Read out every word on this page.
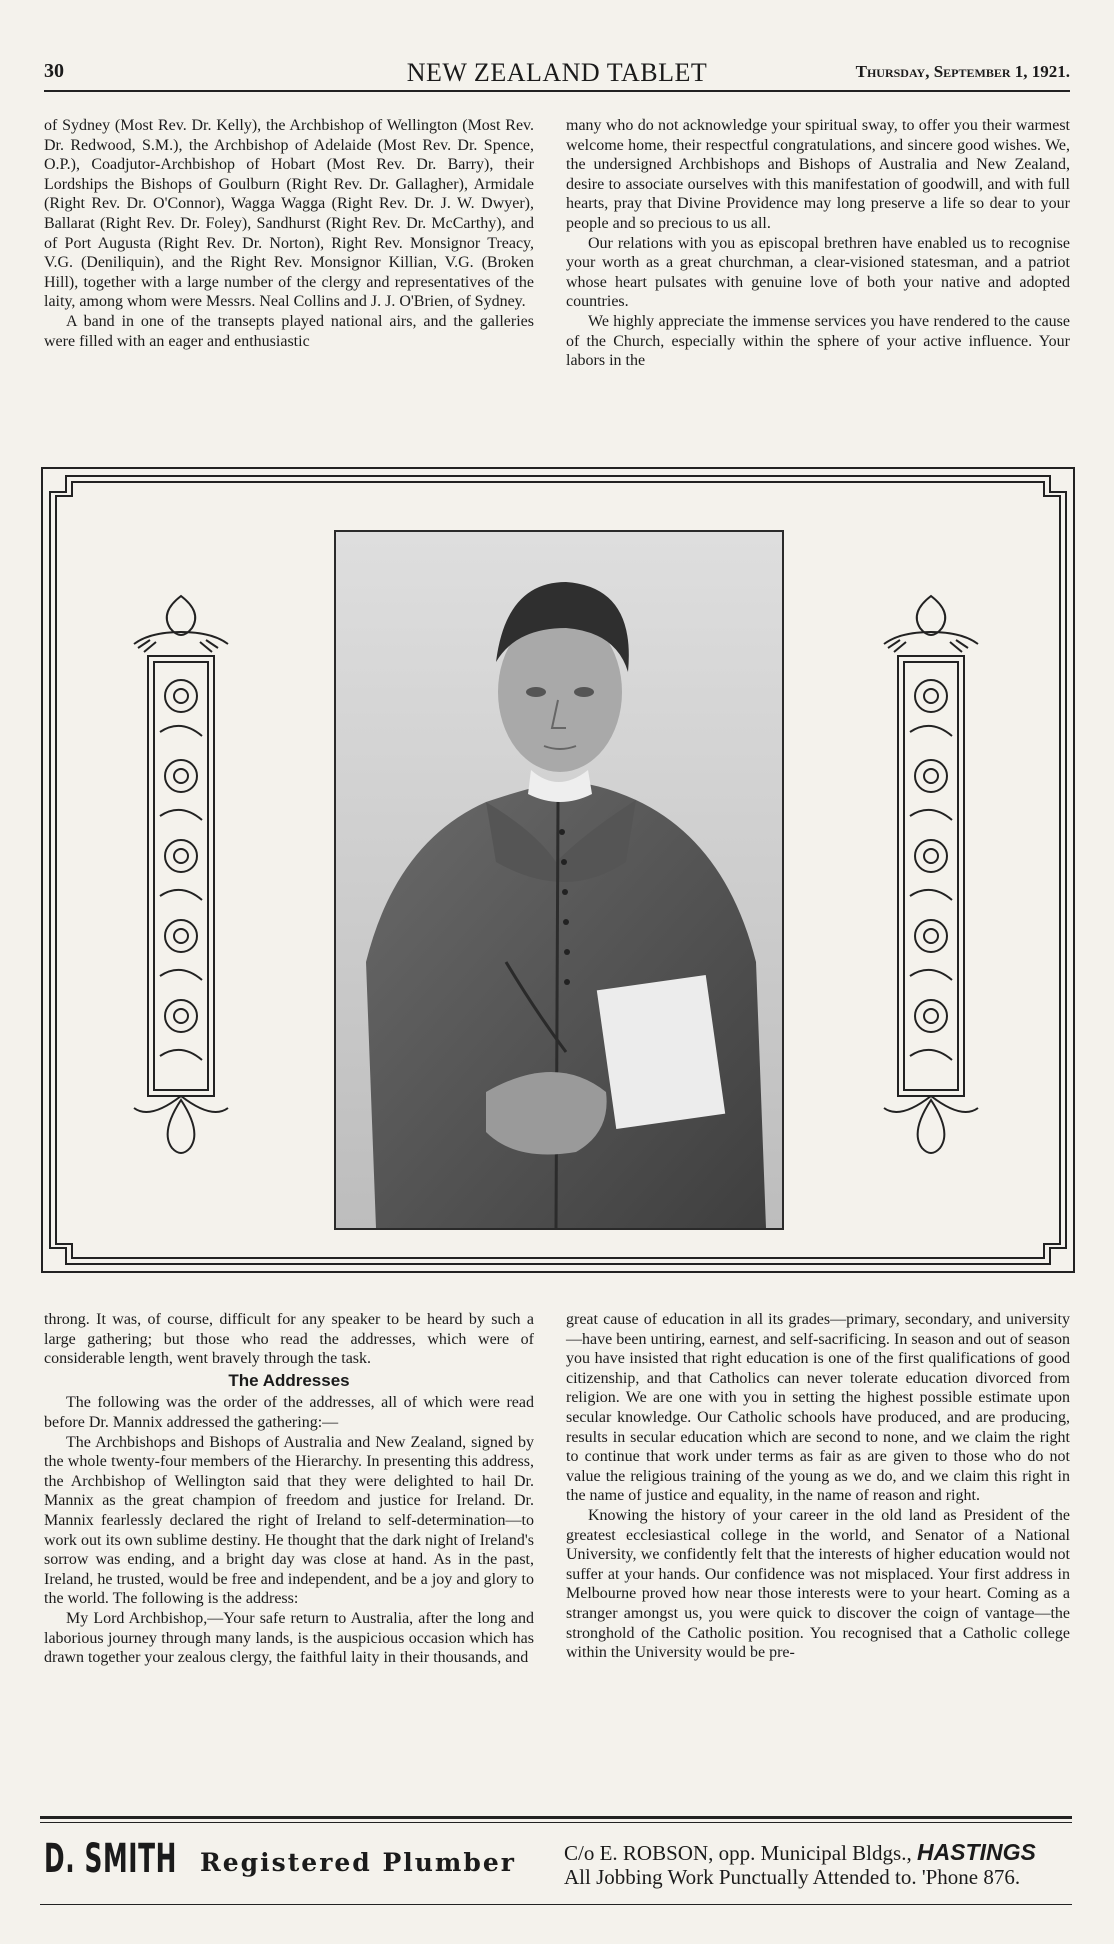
30	NEW ZEALAND TABLET	Thursday, September 1, 1921.

of Sydney (Most Rev. Dr. Kelly), the Archbishop of Wellington (Most Rev. Dr. Redwood, S.M.), the Archbishop of Adelaide (Most Rev. Dr. Spence, O.P.), Coadjutor-Archbishop of Hobart (Most Rev. Dr. Barry), their Lordships the Bishops of Goulburn (Right Rev. Dr. Gallagher), Armidale (Right Rev. Dr. O'Connor), Wagga Wagga (Right Rev. Dr. J. W. Dwyer), Ballarat (Right Rev. Dr. Foley), Sandhurst (Right Rev. Dr. McCarthy), and of Port Augusta (Right Rev. Dr. Norton), Right Rev. Monsignor Treacy, V.G. (Deniliquin), and the Right Rev. Monsignor Killian, V.G. (Broken Hill), together with a large number of the clergy and representatives of the laity, among whom were Messrs. Neal Collins and J. J. O'Brien, of Sydney.

A band in one of the transepts played national airs, and the galleries were filled with an eager and enthusiastic

many who do not acknowledge your spiritual sway, to offer you their warmest welcome home, their respectful congratulations, and sincere good wishes. We, the undersigned Archbishops and Bishops of Australia and New Zealand, desire to associate ourselves with this manifestation of goodwill, and with full hearts, pray that Divine Providence may long preserve a life so dear to your people and so precious to us all.

Our relations with you as episcopal brethren have enabled us to recognise your worth as a great churchman, a clear-visioned statesman, and a patriot whose heart pulsates with genuine love of both your native and adopted countries.

We highly appreciate the immense services you have rendered to the cause of the Church, especially within the sphere of your active influence. Your labors in the

throng. It was, of course, difficult for any speaker to be heard by such a large gathering; but those who read the addresses, which were of considerable length, went bravely through the task.

The Addresses

The following was the order of the addresses, all of which were read before Dr. Mannix addressed the gathering:—

The Archbishops and Bishops of Australia and New Zealand, signed by the whole twenty-four members of the Hierarchy. In presenting this address, the Archbishop of Wellington said that they were delighted to hail Dr. Mannix as the great champion of freedom and justice for Ireland. Dr. Mannix fearlessly declared the right of Ireland to self-determination—to work out its own sublime destiny. He thought that the dark night of Ireland's sorrow was ending, and a bright day was close at hand. As in the past, Ireland, he trusted, would be free and independent, and be a joy and glory to the world. The following is the address:

My Lord Archbishop,—Your safe return to Australia, after the long and laborious journey through many lands, is the auspicious occasion which has drawn together your zealous clergy, the faithful laity in their thousands, and

great cause of education in all its grades—primary, secondary, and university—have been untiring, earnest, and self-sacrificing. In season and out of season you have insisted that right education is one of the first qualifications of good citizenship, and that Catholics can never tolerate education divorced from religion. We are one with you in setting the highest possible estimate upon secular knowledge. Our Catholic schools have produced, and are producing, results in secular education which are second to none, and we claim the right to continue that work under terms as fair as are given to those who do not value the religious training of the young as we do, and we claim this right in the name of justice and equality, in the name of reason and right.

Knowing the history of your career in the old land as President of the greatest ecclesiastical college in the world, and Senator of a National University, we confidently felt that the interests of higher education would not suffer at your hands. Our confidence was not misplaced. Your first address in Melbourne proved how near those interests were to your heart. Coming as a stranger amongst us, you were quick to discover the coign of vantage—the stronghold of the Catholic position. You recognised that a Catholic college within the University would be pre-

D. SMITH Registered Plumber C/o E. ROBSON, opp. Municipal Bldgs., HASTINGS
All Jobbing Work Punctually Attended to. 'Phone 876.
